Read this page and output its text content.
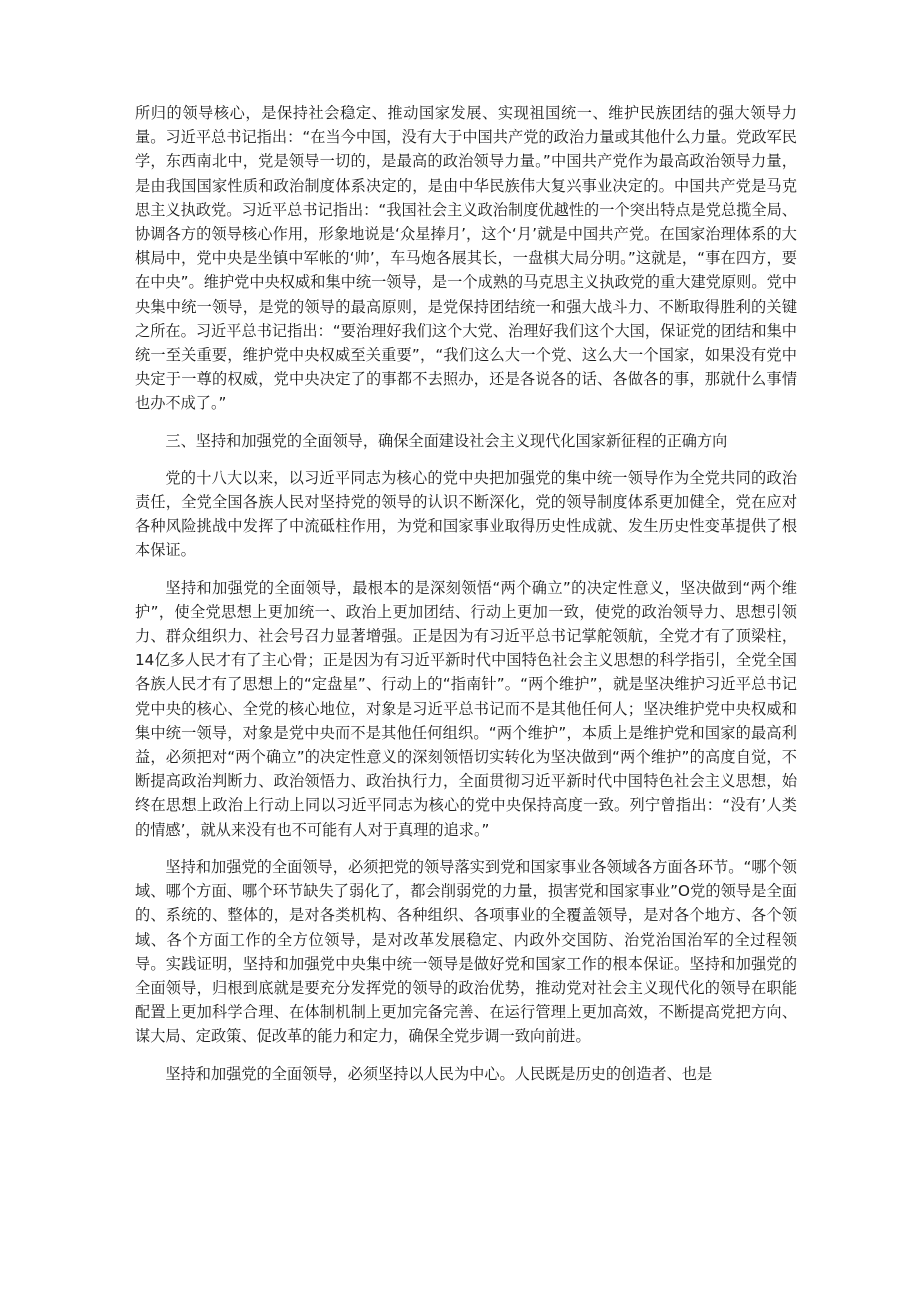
所归的领导核心，是保持社会稳定、推动国家发展、实现祖国统一、维护民族团结的强大领导力量。习近平总书记指出：“在当今中国，没有大于中国共产党的政治力量或其他什么力量。党政军民学，东西南北中，党是领导一切的，是最高的政治领导力量。”中国共产党作为最高政治领导力量，是由我国国家性质和政治制度体系决定的，是由中华民族伟大复兴事业决定的。中国共产党是马克思主义执政党。习近平总书记指出：“我国社会主义政治制度优越性的一个突出特点是党总揽全局、协调各方的领导核心作用，形象地说是‘众星捧月’，这个‘月’就是中国共产党。在国家治理体系的大棋局中，党中央是坐镇中军帐的‘帅’，车马炮各展其长，一盘棋大局分明。”这就是，“事在四方，要在中央”。维护党中央权威和集中统一领导，是一个成熟的马克思主义执政党的重大建党原则。党中央集中统一领导，是党的领导的最高原则，是党保持团结统一和强大战斗力、不断取得胜利的关键之所在。习近平总书记指出：“要治理好我们这个大党、治理好我们这个大国，保证党的团结和集中统一至关重要，维护党中央权威至关重要”，“我们这么大一个党、这么大一个国家，如果没有党中央定于一尊的权威，党中央决定了的事都不去照办，还是各说各的话、各做各的事，那就什么事情也办不成了。”

三、坚持和加强党的全面领导，确保全面建设社会主义现代化国家新征程的正确方向

党的十八大以来，以习近平同志为核心的党中央把加强党的集中统一领导作为全党共同的政治责任，全党全国各族人民对坚持党的领导的认识不断深化，党的领导制度体系更加健全，党在应对各种风险挑战中发挥了中流砥柱作用，为党和国家事业取得历史性成就、发生历史性变革提供了根本保证。

坚持和加强党的全面领导，最根本的是深刻领悟“两个确立”的决定性意义，坚决做到“两个维护”，使全党思想上更加统一、政治上更加团结、行动上更加一致，使党的政治领导力、思想引领力、群众组织力、社会号召力显著增强。正是因为有习近平总书记掌舵领航，全党才有了顶梁柱，14亿多人民才有了主心骨；正是因为有习近平新时代中国特色社会主义思想的科学指引，全党全国各族人民才有了思想上的“定盘星”、行动上的“指南针”。“两个维护”，就是坚决维护习近平总书记党中央的核心、全党的核心地位，对象是习近平总书记而不是其他任何人；坚决维护党中央权威和集中统一领导，对象是党中央而不是其他任何组织。“两个维护”，本质上是维护党和国家的最高利益，必须把对“两个确立”的决定性意义的深刻领悟切实转化为坚决做到“两个维护”的高度自觉，不断提高政治判断力、政治领悟力、政治执行力，全面贯彻习近平新时代中国特色社会主义思想，始终在思想上政治上行动上同以习近平同志为核心的党中央保持高度一致。列宁曾指出：“没有’人类的情感’，就从来没有也不可能有人对于真理的追求。”

坚持和加强党的全面领导，必须把党的领导落实到党和国家事业各领域各方面各环节。“哪个领域、哪个方面、哪个环节缺失了弱化了，都会削弱党的力量，损害党和国家事业”O党的领导是全面的、系统的、整体的，是对各类机构、各种组织、各项事业的全覆盖领导，是对各个地方、各个领域、各个方面工作的全方位领导，是对改革发展稳定、内政外交国防、治党治国治军的全过程领导。实践证明，坚持和加强党中央集中统一领导是做好党和国家工作的根本保证。坚持和加强党的全面领导，归根到底就是要充分发挥党的领导的政治优势，推动党对社会主义现代化的领导在职能配置上更加科学合理、在体制机制上更加完备完善、在运行管理上更加高效，不断提高党把方向、谋大局、定政策、促改革的能力和定力，确保全党步调一致向前进。

坚持和加强党的全面领导，必须坚持以人民为中心。人民既是历史的创造者、也是
